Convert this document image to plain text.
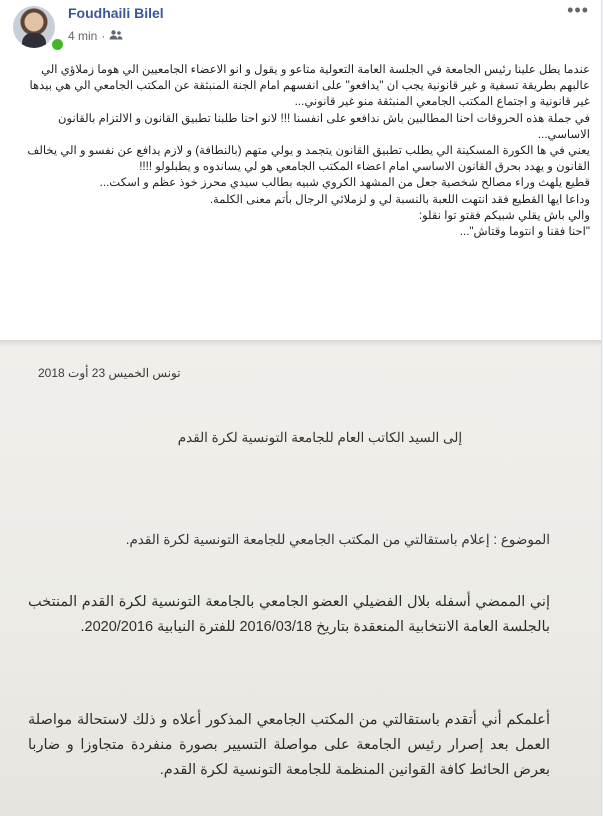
Foudhaili Bilel
4 min ·
•••

عندما يطل علينا رئيس الجامعة في الجلسة العامة التعولية متاعو و يقول و انو الاعضاء الجامعيين الي هوما زملاؤي الي عالبهم بطريقة تسفية و غير قانونية يجب ان "يدافعو" على انفسهم امام الجنة المنبثقة عن المكتب الجامعي الي هي بيدها غير قانونية و اجتماع المكتب الجامعي المنبثقة منو غير قانوني...

في جملة هذه الحروقات احنا المطالبين باش ندافعو على انفسنا !!! لانو احنا طلبنا تطبيق القانون و الالتزام بالقانون الاساسي...

يعني في ها الكورة المسكينة الي يطلب تطبيق القانون يتجمد و يولي متهم (بالنطافة) و لازم يدافع عن نفسو و الي يخالف القانون و يهدد بحرق القانون الاساسي امام اعضاء المكتب الجامعي هو لي يساندوه و يطبلولو !!!!

قطيع يلهث وراء مصالح شخصية جعل من المشهد الكروي شبيه بطالب سيدي محرز خوذ عظم و اسكت...

وداعا ايها القطيع فقد انتهت اللعبة بالنسبة لي و لزملائي الرجال بأتم معنى الكلمة.

والي باش يقلي شبيكم فقتو توا نقلو:

"احنا فقنا و انتوما وقتاش"...

تونس الخميس 23 أوت 2018
إلى السيد الكاتب العام للجامعة التونسية لكرة القدم
الموضوع : إعلام باستقالتي من المكتب الجامعي للجامعة التونسية لكرة القدم.

إني الممضي أسفله بلال الفضيلي العضو الجامعي بالجامعة التونسية لكرة القدم المنتخب بالجلسة العامة الانتخابية المنعقدة بتاريخ 2016/03/18 للفترة النيابية 2020/2016.

أعلمكم أني أتقدم باستقالتي من المكتب الجامعي المذكور أعلاه و ذلك لاستحالة مواصلة العمل بعد إصرار رئيس الجامعة على مواصلة التسيير بصورة منفردة متجاوزا و ضاربا بعرض الحائط كافة القوانين المنظمة للجامعة التونسية لكرة القدم.
